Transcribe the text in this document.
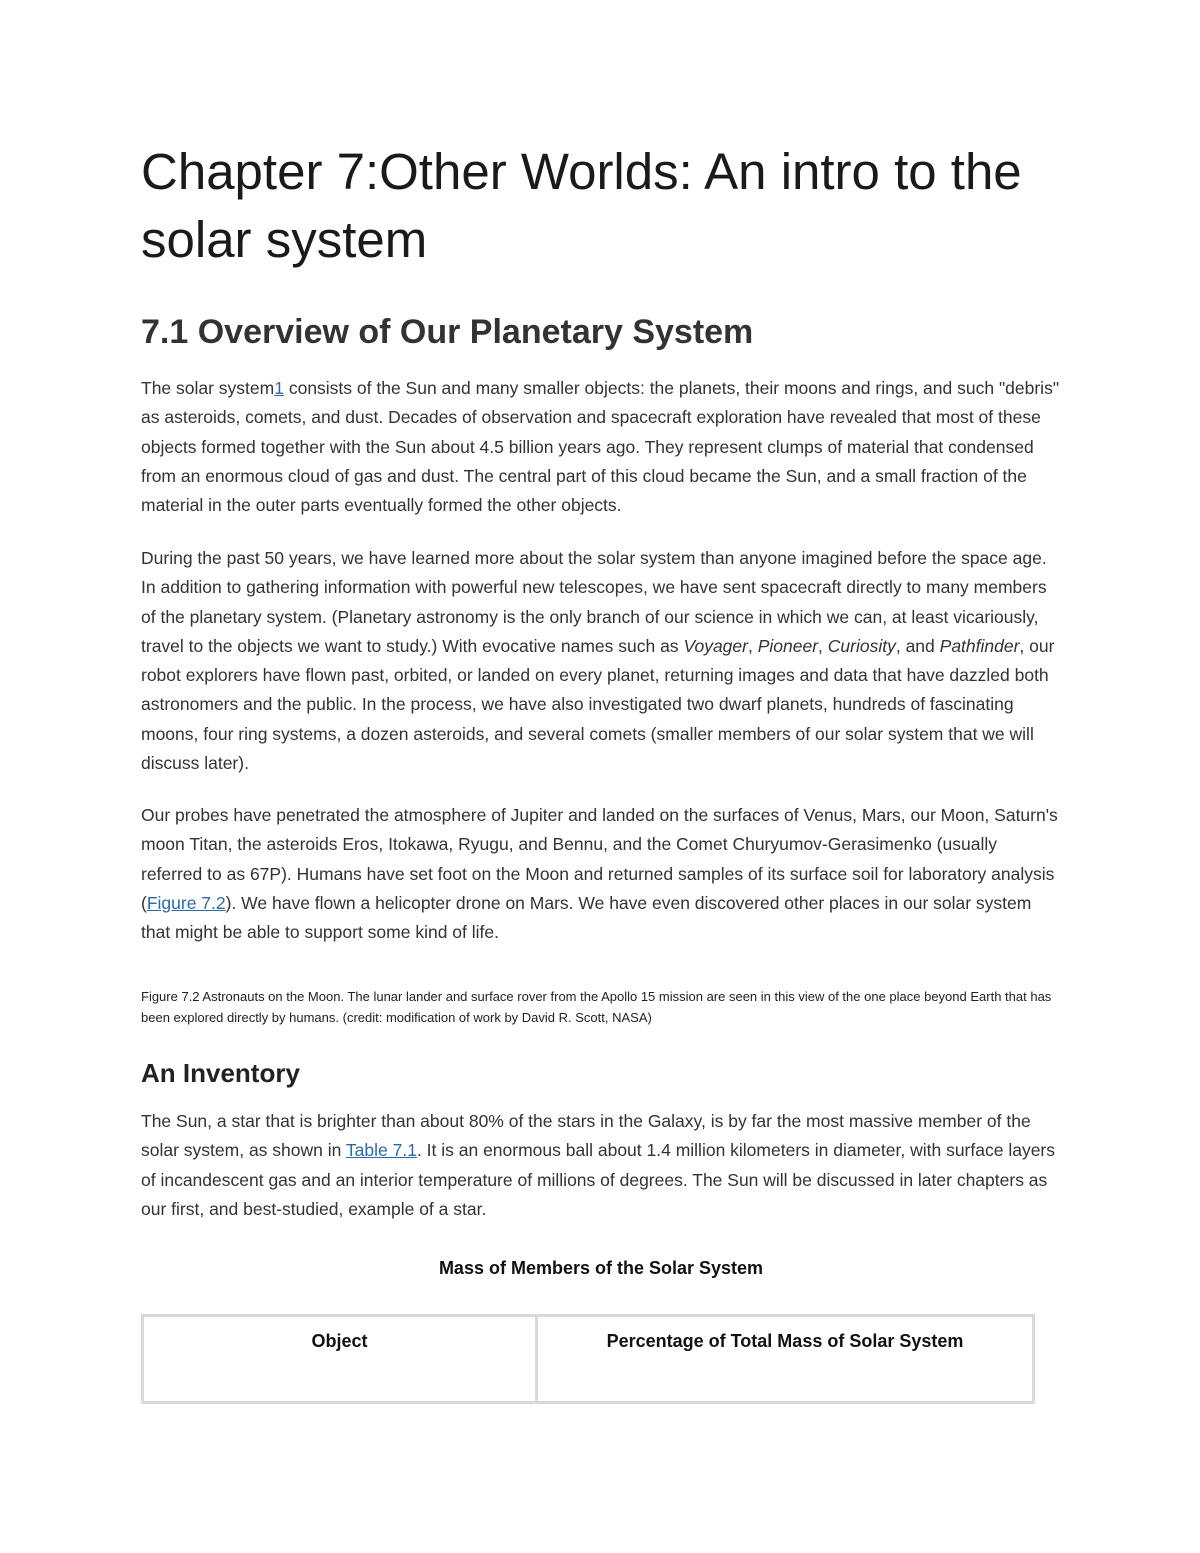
Chapter 7:Other Worlds: An intro to the solar system
7.1 Overview of Our Planetary System

The solar system1 consists of the Sun and many smaller objects: the planets, their moons and rings, and such "debris" as asteroids, comets, and dust. Decades of observation and spacecraft exploration have revealed that most of these objects formed together with the Sun about 4.5 billion years ago. They represent clumps of material that condensed from an enormous cloud of gas and dust. The central part of this cloud became the Sun, and a small fraction of the material in the outer parts eventually formed the other objects.

During the past 50 years, we have learned more about the solar system than anyone imagined before the space age. In addition to gathering information with powerful new telescopes, we have sent spacecraft directly to many members of the planetary system. (Planetary astronomy is the only branch of our science in which we can, at least vicariously, travel to the objects we want to study.) With evocative names such as Voyager, Pioneer, Curiosity, and Pathfinder, our robot explorers have flown past, orbited, or landed on every planet, returning images and data that have dazzled both astronomers and the public. In the process, we have also investigated two dwarf planets, hundreds of fascinating moons, four ring systems, a dozen asteroids, and several comets (smaller members of our solar system that we will discuss later).

Our probes have penetrated the atmosphere of Jupiter and landed on the surfaces of Venus, Mars, our Moon, Saturn's moon Titan, the asteroids Eros, Itokawa, Ryugu, and Bennu, and the Comet Churyumov-Gerasimenko (usually referred to as 67P). Humans have set foot on the Moon and returned samples of its surface soil for laboratory analysis (Figure 7.2). We have flown a helicopter drone on Mars. We have even discovered other places in our solar system that might be able to support some kind of life.

Figure 7.2 Astronauts on the Moon. The lunar lander and surface rover from the Apollo 15 mission are seen in this view of the one place beyond Earth that has been explored directly by humans. (credit: modification of work by David R. Scott, NASA)

An Inventory

The Sun, a star that is brighter than about 80% of the stars in the Galaxy, is by far the most massive member of the solar system, as shown in Table 7.1. It is an enormous ball about 1.4 million kilometers in diameter, with surface layers of incandescent gas and an interior temperature of millions of degrees. The Sun will be discussed in later chapters as our first, and best-studied, example of a star.

Mass of Members of the Solar System
Object	Percentage of Total Mass of Solar System
